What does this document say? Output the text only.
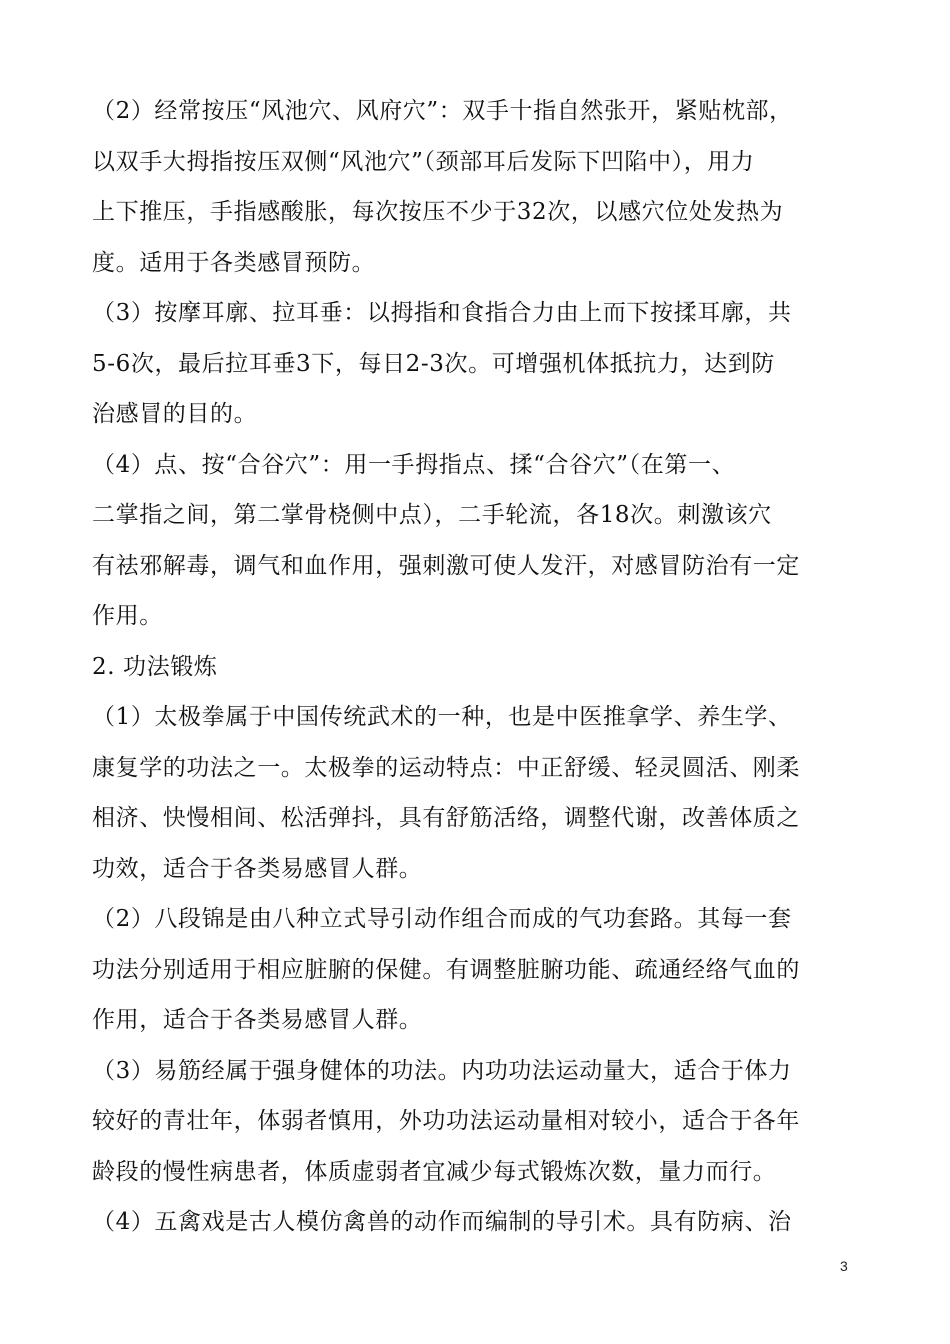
（2）经常按压“风池穴、风府穴”：双手十指自然张开，紧贴枕部，
以双手大拇指按压双侧“风池穴”（颈部耳后发际下凹陷中），用力
上下推压，手指感酸胀，每次按压不少于32次，以感穴位处发热为
度。适用于各类感冒预防。
（3）按摩耳廓、拉耳垂：以拇指和食指合力由上而下按揉耳廓，共
5-6次，最后拉耳垂3下，每日2-3次。可增强机体抵抗力，达到防
治感冒的目的。
（4）点、按“合谷穴”：用一手拇指点、揉“合谷穴”（在第一、
二掌指之间，第二掌骨桡侧中点），二手轮流，各18次。刺激该穴
有祛邪解毒，调气和血作用，强刺激可使人发汗，对感冒防治有一定
作用。
2. 功法锻炼
（1）太极拳属于中国传统武术的一种，也是中医推拿学、养生学、
康复学的功法之一。太极拳的运动特点：中正舒缓、轻灵圆活、刚柔
相济、快慢相间、松活弹抖，具有舒筋活络，调整代谢，改善体质之
功效，适合于各类易感冒人群。
（2）八段锦是由八种立式导引动作组合而成的气功套路。其每一套
功法分别适用于相应脏腑的保健。有调整脏腑功能、疏通经络气血的
作用，适合于各类易感冒人群。
（3）易筋经属于强身健体的功法。内功功法运动量大，适合于体力
较好的青壮年，体弱者慎用，外功功法运动量相对较小，适合于各年
龄段的慢性病患者，体质虚弱者宜减少每式锻炼次数，量力而行。
（4）五禽戏是古人模仿禽兽的动作而编制的导引术。具有防病、治
3
